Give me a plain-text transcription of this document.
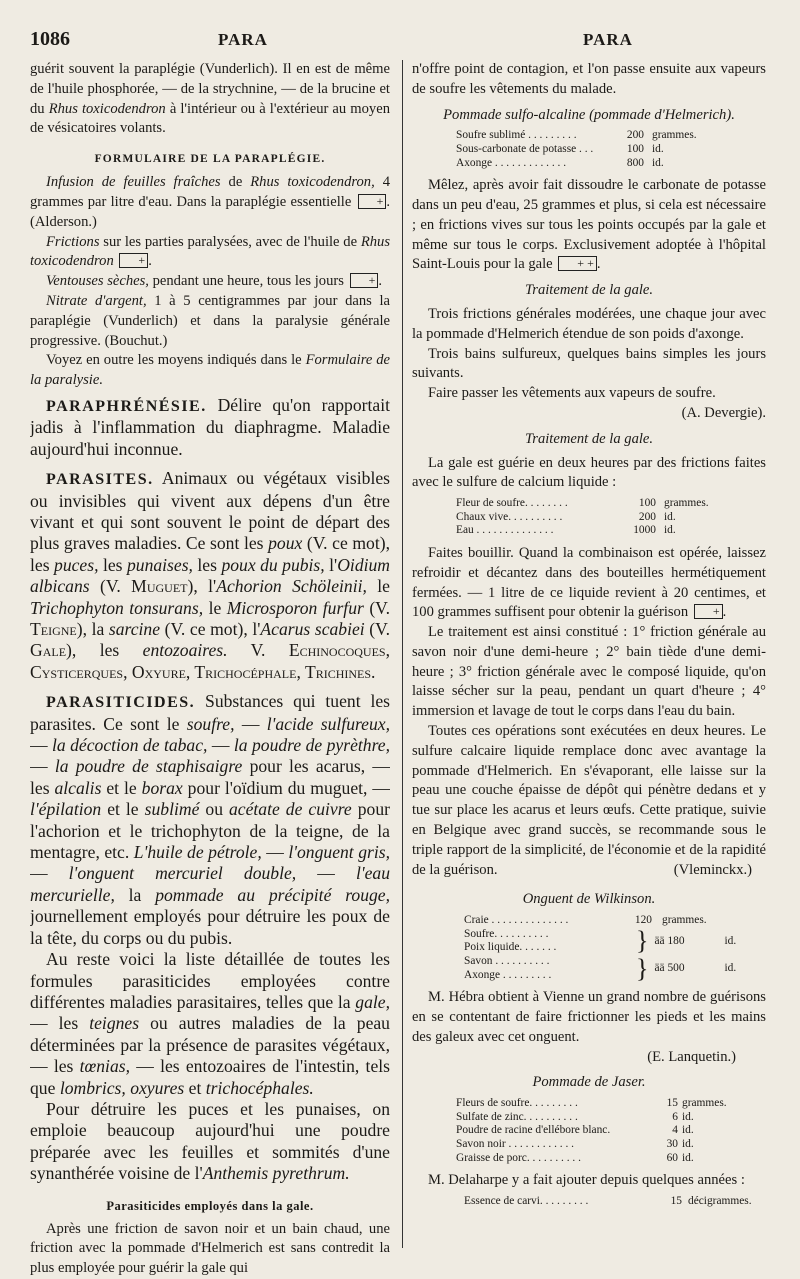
1086	PARA	PARA

guérit souvent la paraplégie (Vunderlich). Il en est de même de l'huile phosphorée, — de la strychnine, — de la brucine et du Rhus toxicodendron à l'intérieur ou à l'extérieur au moyen de vésicatoires volants.

FORMULAIRE DE LA PARAPLÉGIE.

Infusion de feuilles fraîches de Rhus toxicodendron, 4 grammes par litre d'eau. Dans la paraplégie essentielle + . (Alderson.)

Frictions sur les parties paralysées, avec de l'huile de Rhus toxicodendron + .

Ventouses sèches, pendant une heure, tous les jours + .

Nitrate d'argent, 1 à 5 centigrammes par jour dans la paraplégie (Vunderlich) et dans la paralysie générale progressive. (Bouchut.)

Voyez en outre les moyens indiqués dans le Formulaire de la paralysie.

PARAPHRÉNÉSIE. Délire qu'on rapportait jadis à l'inflammation du diaphragme. Maladie aujourd'hui inconnue.

PARASITES. Animaux ou végétaux visibles ou invisibles qui vivent aux dépens d'un être vivant et qui sont souvent le point de départ des plus graves maladies. Ce sont les poux (V. ce mot), les puces, les punaises, les poux du pubis, l'Oidium albicans (V. Muguet), l'Achorion Schöleinii, le Trichophyton tonsurans, le Microsporon furfur (V. Teigne), la sarcine (V. ce mot), l'Acarus scabiei (V. Gale), les entozoaires. V. Echinocoques, Cysticerques, Oxyure, Trichocéphale, Trichines.

PARASITICIDES. Substances qui tuent les parasites. Ce sont le soufre, — l'acide sulfureux, — la décoction de tabac, — la poudre de pyrèthre, — la poudre de staphisaigre pour les acarus, — les alcalis et le borax pour l'oïdium du muguet, — l'épilation et le sublimé ou acétate de cuivre pour l'achorion et le trichophyton de la teigne, de la mentagre, etc. L'huile de pétrole, — l'onguent gris, — l'onguent mercuriel double, — l'eau mercurielle, la pommade au précipité rouge, journellement employés pour détruire les poux de la tête, du corps ou du pubis.

Au reste voici la liste détaillée de toutes les formules parasiticides employées contre différentes maladies parasitaires, telles que la gale, — les teignes ou autres maladies de la peau déterminées par la présence de parasites végétaux, — les tœnias, — les entozoaires de l'intestin, tels que lombrics, oxyures et trichocéphales.

Pour détruire les puces et les punaises, on emploie beaucoup aujourd'hui une poudre préparée avec les feuilles et sommités d'une synanthérée voisine de l'Anthemis pyrethrum.

Parasiticides employés dans la gale.

Après une friction de savon noir et un bain chaud, une friction avec la pommade d'Helmerich est sans contredit la plus employée pour guérir la gale qui

n'offre point de contagion, et l'on passe ensuite aux vapeurs de soufre les vêtements du malade.

Pommade sulfo-alcaline (pommade d'Helmerich).

Soufre sublimé . . . . . . . . .	200 grammes.
Sous-carbonate de potasse . . .	100 id.
Axonge . . . . . . . . . . . . .	800 id.

Mêlez, après avoir fait dissoudre le carbonate de potasse dans un peu d'eau, 25 grammes et plus, si cela est nécessaire ; en frictions vives sur tous les points occupés par la gale et même sur tous le corps. Exclusivement adoptée à l'hôpital Saint-Louis pour la gale + + .

Traitement de la gale.

Trois frictions générales modérées, une chaque jour avec la pommade d'Helmerich étendue de son poids d'axonge.

Trois bains sulfureux, quelques bains simples les jours suivants.

Faire passer les vêtements aux vapeurs de soufre.

(A. Devergie).

Traitement de la gale.

La gale est guérie en deux heures par des frictions faites avec le sulfure de calcium liquide :

Fleur de soufre. . . . . . . .	100 grammes.
Chaux vive. . . . . . . . . .	200 id.
Eau . . . . . . . . . . . . . .	1000 id.

Faites bouillir. Quand la combinaison est opérée, laissez refroidir et décantez dans des bouteilles hermétiquement fermées. — 1 litre de ce liquide revient à 20 centimes, et 100 grammes suffisent pour obtenir la guérison + .

Le traitement est ainsi constitué : 1° friction générale au savon noir d'une demi-heure ; 2° bain tiède d'une demi-heure ; 3° friction générale avec le composé liquide, qu'on laisse sécher sur la peau, pendant un quart d'heure ; 4° immersion et lavage de tout le corps dans l'eau du bain.

Toutes ces opérations sont exécutées en deux heures. Le sulfure calcaire liquide remplace donc avec avantage la pommade d'Helmerich. En s'évaporant, elle laisse sur la peau une couche épaisse de dépôt qui pénètre dedans et y tue sur place les acarus et leurs œufs. Cette pratique, suivie en Belgique avec grand succès, se recommande sous le triple rapport de la simplicité, de l'économie et de la rapidité de la guérison.	(Vleminckx.)

Onguent de Wilkinson.

Craie . . . . . . . . . . . . . .	120 grammes.
Soufre. . . . . . . . . .
Poix liquide. . . . . . .	} ää 180	id.
Savon . . . . . . . . . .
Axonge . . . . . . . . .	} ää 500	id.

M. Hébra obtient à Vienne un grand nombre de guérisons en se contentant de faire frictionner les pieds et les mains des galeux avec cet onguent.

(E. Lanquetin.)

Pommade de Jaser.

Fleurs de soufre. . . . . . . . .	15 grammes.
Sulfate de zinc. . . . . . . . . .	6 id.
Poudre de racine d'ellébore blanc.	4 id.
Savon noir . . . . . . . . . . . .	30 id.
Graisse de porc. . . . . . . . . .	60 id.

M. Delaharpe y a fait ajouter depuis quelques années :

Essence de carvi. . . . . . . . .	15 décigrammes.
